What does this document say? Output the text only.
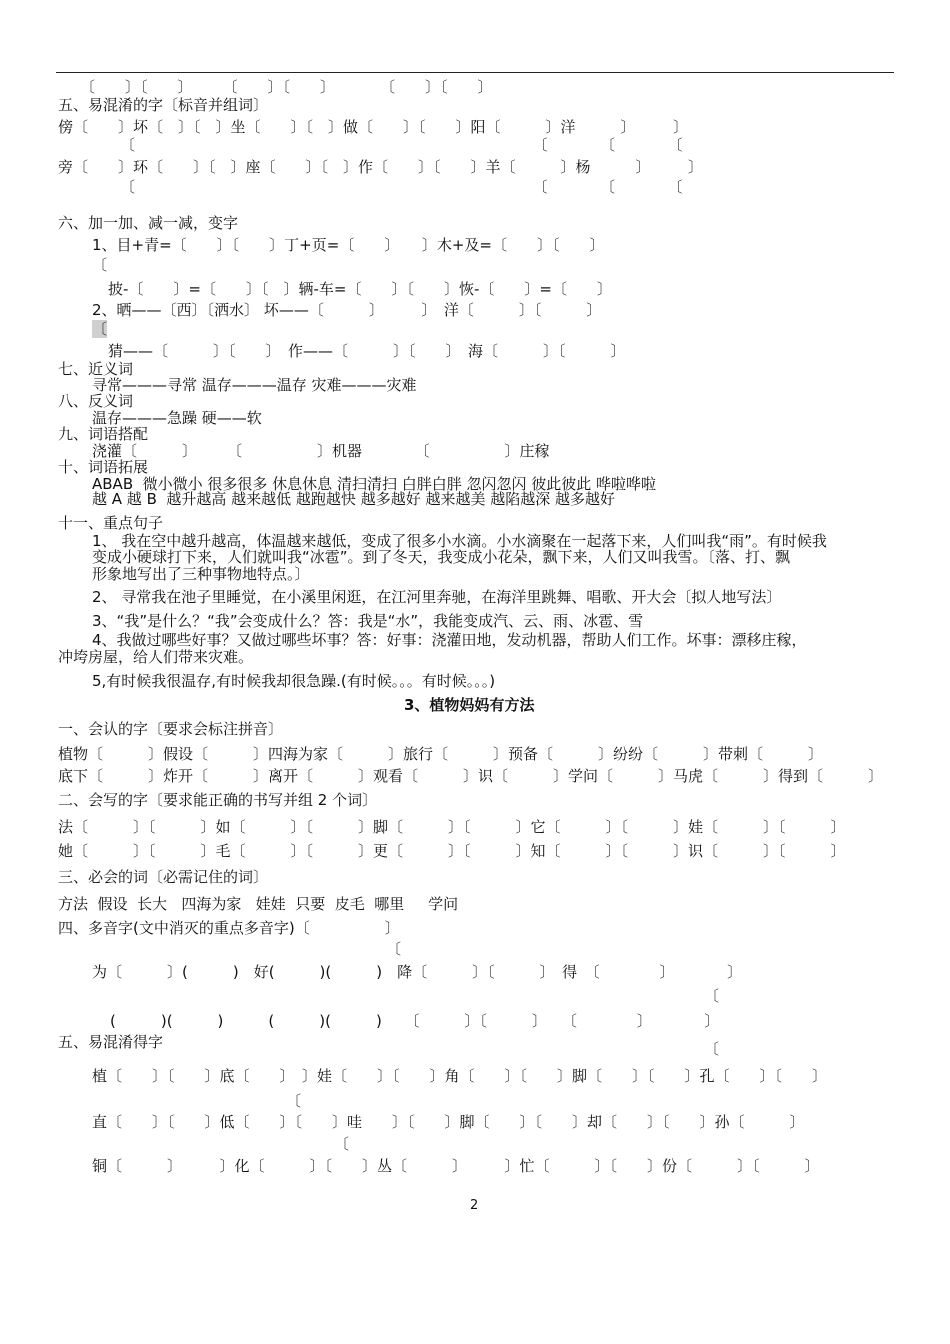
〔　　〕〔　　〕　　　〔　　〕〔　　〕　　　　〔　　〕〔　　〕
五、易混淆的字〔标音并组词〕
傍〔　　〕坏〔　〕〔　〕坐〔　　〕〔　〕做〔　　〕〔　　〕阳〔　　　〕洋　　　〕　　　〕
〔　　　　　　　　　　　　　　　　　　　　　　　　　　　〔　　　　〔　　　　〔
旁〔　　〕环〔　　〕〔　〕座〔　　〕〔　〕作〔　　〕〔　　〕羊〔　　　〕杨　　　〕　　　〕
〔　　　　　　　　　　　　　　　　　　　　　　　　　　　〔　　　　〔　　　　〔
六、加一加、减一减，变字
1、目+青=〔　　〕〔　　〕丁+页=〔　　〕　　〕木+及=〔　　〕〔　　〕
〔
披-〔　　〕=〔　　〕〔　〕辆-车=〔　　〕〔　　〕恢-〔　　〕=〔　　〕
2、晒——〔西〕〔洒水〕 坏——〔　　　〕　　　〕　洋〔　　　〕〔　　　〕
〔
猜——〔　　　〕〔　　〕　作——〔　　　〕〔　　〕　海〔　　　〕〔　　　〕
七、近义词
寻常———寻常 温存———温存 灾难———灾难
八、反义词
温存———急躁 硬——软
九、词语搭配
浇灌〔　　　〕　　　〔　　　　　〕机器　　　　〔　　　　　〕庄稼
十、词语拓展
ABAB  微小微小 很多很多 休息休息 清扫清扫 白胖白胖 忽闪忽闪 彼此彼此 哗啦哗啦
越 A 越 B  越升越高 越来越低 越跑越快 越多越好 越来越美 越陷越深 越多越好
十一、重点句子
1、 我在空中越升越高，体温越来越低，变成了很多小水滴。小水滴聚在一起落下来，人们叫我“雨”。有时候我
变成小硬球打下来，人们就叫我“冰雹”。到了冬天，我变成小花朵，飘下来，人们又叫我雪。〔落、打、飘
形象地写出了三种事物地特点。〕
2、 寻常我在池子里睡觉，在小溪里闲逛，在江河里奔驰，在海洋里跳舞、唱歌、开大会〔拟人地写法〕
3、“我”是什么？“我”会变成什么？答：我是“水”，我能变成汽、云、雨、冰雹、雪
4、我做过哪些好事？又做过哪些坏事？答：好事：浇灌田地，发动机器，帮助人们工作。坏事：漂移庄稼，
冲垮房屋，给人们带来灾难。
5,有时候我很温存,有时候我却很急躁.(有时候。。。有时候。。。)
3、植物妈妈有方法
一、会认的字〔要求会标注拼音〕
植物〔　　　〕假设〔　　　〕四海为家〔　　　〕旅行〔　　　〕预备〔　　　〕纷纷〔　　　〕带刺〔　　　〕
底下〔　　　〕炸开〔　　　〕离开〔　　　〕观看〔　　　〕识〔　　　〕学问〔　　　〕马虎〔　　　〕得到〔　　　〕
二、会写的字〔要求能正确的书写并组 2 个词〕
法〔　　　〕〔　　　〕如〔　　　〕〔　　　〕脚〔　　　〕〔　　　〕它〔　　　〕〔　　　〕娃〔　　　〕〔　　　〕
她〔　　　〕〔　　　〕毛〔　　　〕〔　　　〕更〔　　　〕〔　　　〕知〔　　　〕〔　　　〕识〔　　　〕〔　　　〕
三、必会的词〔必需记住的词〕
方法  假设  长大   四海为家   娃娃  只要  皮毛  哪里     学问
四、多音字(文中消灭的重点多音字)〔　　　　　〕
〔
为〔　　　〕(　　　)　好(　　　)(　　　)　降〔　　　〕〔　　　〕　得　〔　　　　〕　　　　〕
〔
(　　　)(　　　)　　　(　　　)(　　　)　　〔　　　〕〔　　　〕　　〔　　　　〕　　　　〕
五、易混淆得字	〔
植〔　　〕〔　　〕底〔　　〕　〕娃〔　　〕〔　　〕角〔　　〕〔　　〕脚〔　　〕〔　　〕孔〔　　〕〔　　〕
〔
直〔　　〕〔　　〕低〔　　〕〔　　〕哇　　〕〔　　〕脚〔　　〕〔　　〕却〔　　〕〔　　〕孙〔　　　〕
〔
铜〔　　　〕　　　〕化〔　　　〕〔　　〕丛〔　　　〕　　　〕忙〔　　　〕〔　　〕份〔　　　〕〔　　　〕
2
